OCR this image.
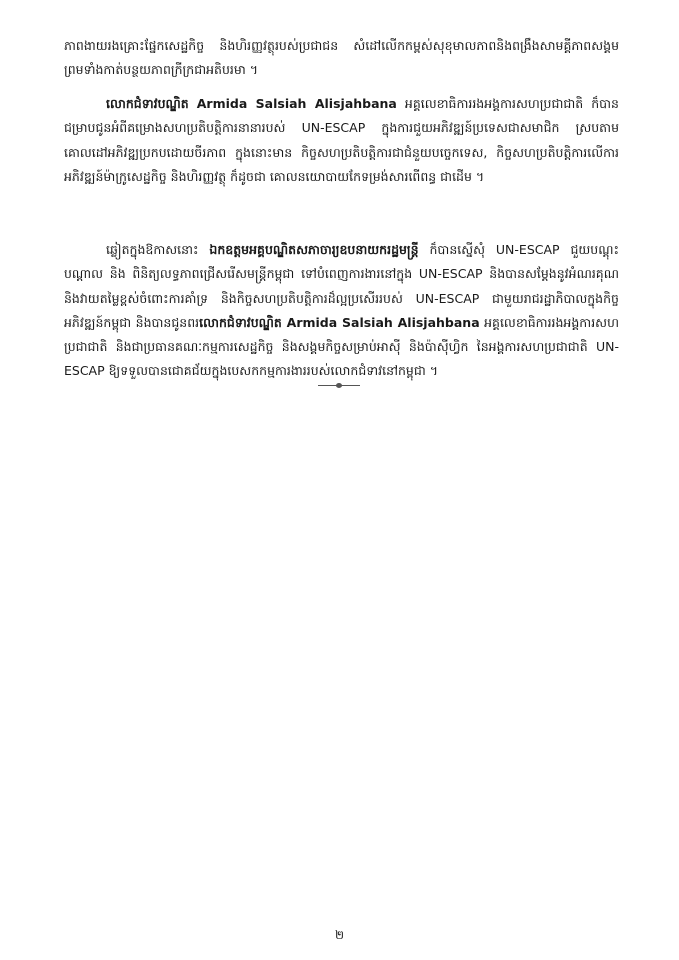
ភាពងាយរងគ្រោះផ្នែកសេដ្ឋកិច្ច និងហិរញ្ញវត្ថុរបស់ប្រជាជន សំដៅលើកកម្ពស់សុខុមាលភាពនិងពង្រឹងសាមគ្គីភាពសង្គម ព្រមទាំងកាត់បន្ថយភាពក្រីក្រជាអតិបរមា ។

លោកជំទាវបណ្ឌិត Armida Salsiah Alisjahbana អគ្គលេខាធិការរងអង្គការសហប្រជាជាតិ ក៏បានជម្រាបជូនអំពីគម្រោងសហប្រតិបត្តិការនានារបស់ UN-ESCAP ក្នុងការជួយអភិវឌ្ឍន៍ប្រទេសជាសមាជិក ស្របតាមគោលដៅអភិវឌ្ឍប្រកបដោយចីរភាព ក្នុងនោះមាន កិច្ចសហប្រតិបត្តិការជាជំនួយបច្ចេកទេស, កិច្ចសហប្រតិបត្តិការលើការអភិវឌ្ឍន៍ម៉ាក្រូសេដ្ឋកិច្ច និងហិរញ្ញវត្ថុ ក៏ដូចជា គោលនយោបាយកែទម្រង់សារពើពន្ធ ជាដើម ។

ឆ្លៀតក្នុងឱកាសនោះ ឯកឧត្តមអគ្គបណ្ឌិតសភាចារ្យឧបនាយករដ្ឋមន្ត្រី ក៏បានស្នើសុំ UN-ESCAP ជួយបណ្តុះបណ្តាល និង ពិនិត្យលទ្ធភាពជ្រើសរើសមន្ត្រីកម្ពុជា ទៅបំពេញការងារនៅក្នុង UN-ESCAP និងបានសម្តែងនូវអំណរគុណ និងវាយតម្លៃខ្ពស់ចំពោះការគាំទ្រ និងកិច្ចសហប្រតិបត្តិការដ៏ល្អប្រសើររបស់ UN-ESCAP ជាមួយរាជរដ្ឋាភិបាលក្នុងកិច្ចអភិវឌ្ឍន៍កម្ពុជា និងបានជូនពរលោកជំទាវបណ្ឌិត Armida Salsiah Alisjahbana អគ្គលេខាធិការរងអង្គការសហប្រជាជាតិ និងជាប្រធានគណៈកម្មការសេដ្ឋកិច្ច និងសង្គមកិច្ចសម្រាប់អាស៊ី និងប៉ាស៊ីហ្វិក នៃអង្គការសហប្រជាជាតិ UN-ESCAP ឱ្យទទួលបានជោគជ័យក្នុងបេសកកម្មការងាររបស់លោកជំទាវនៅកម្ពុជា ។

២
